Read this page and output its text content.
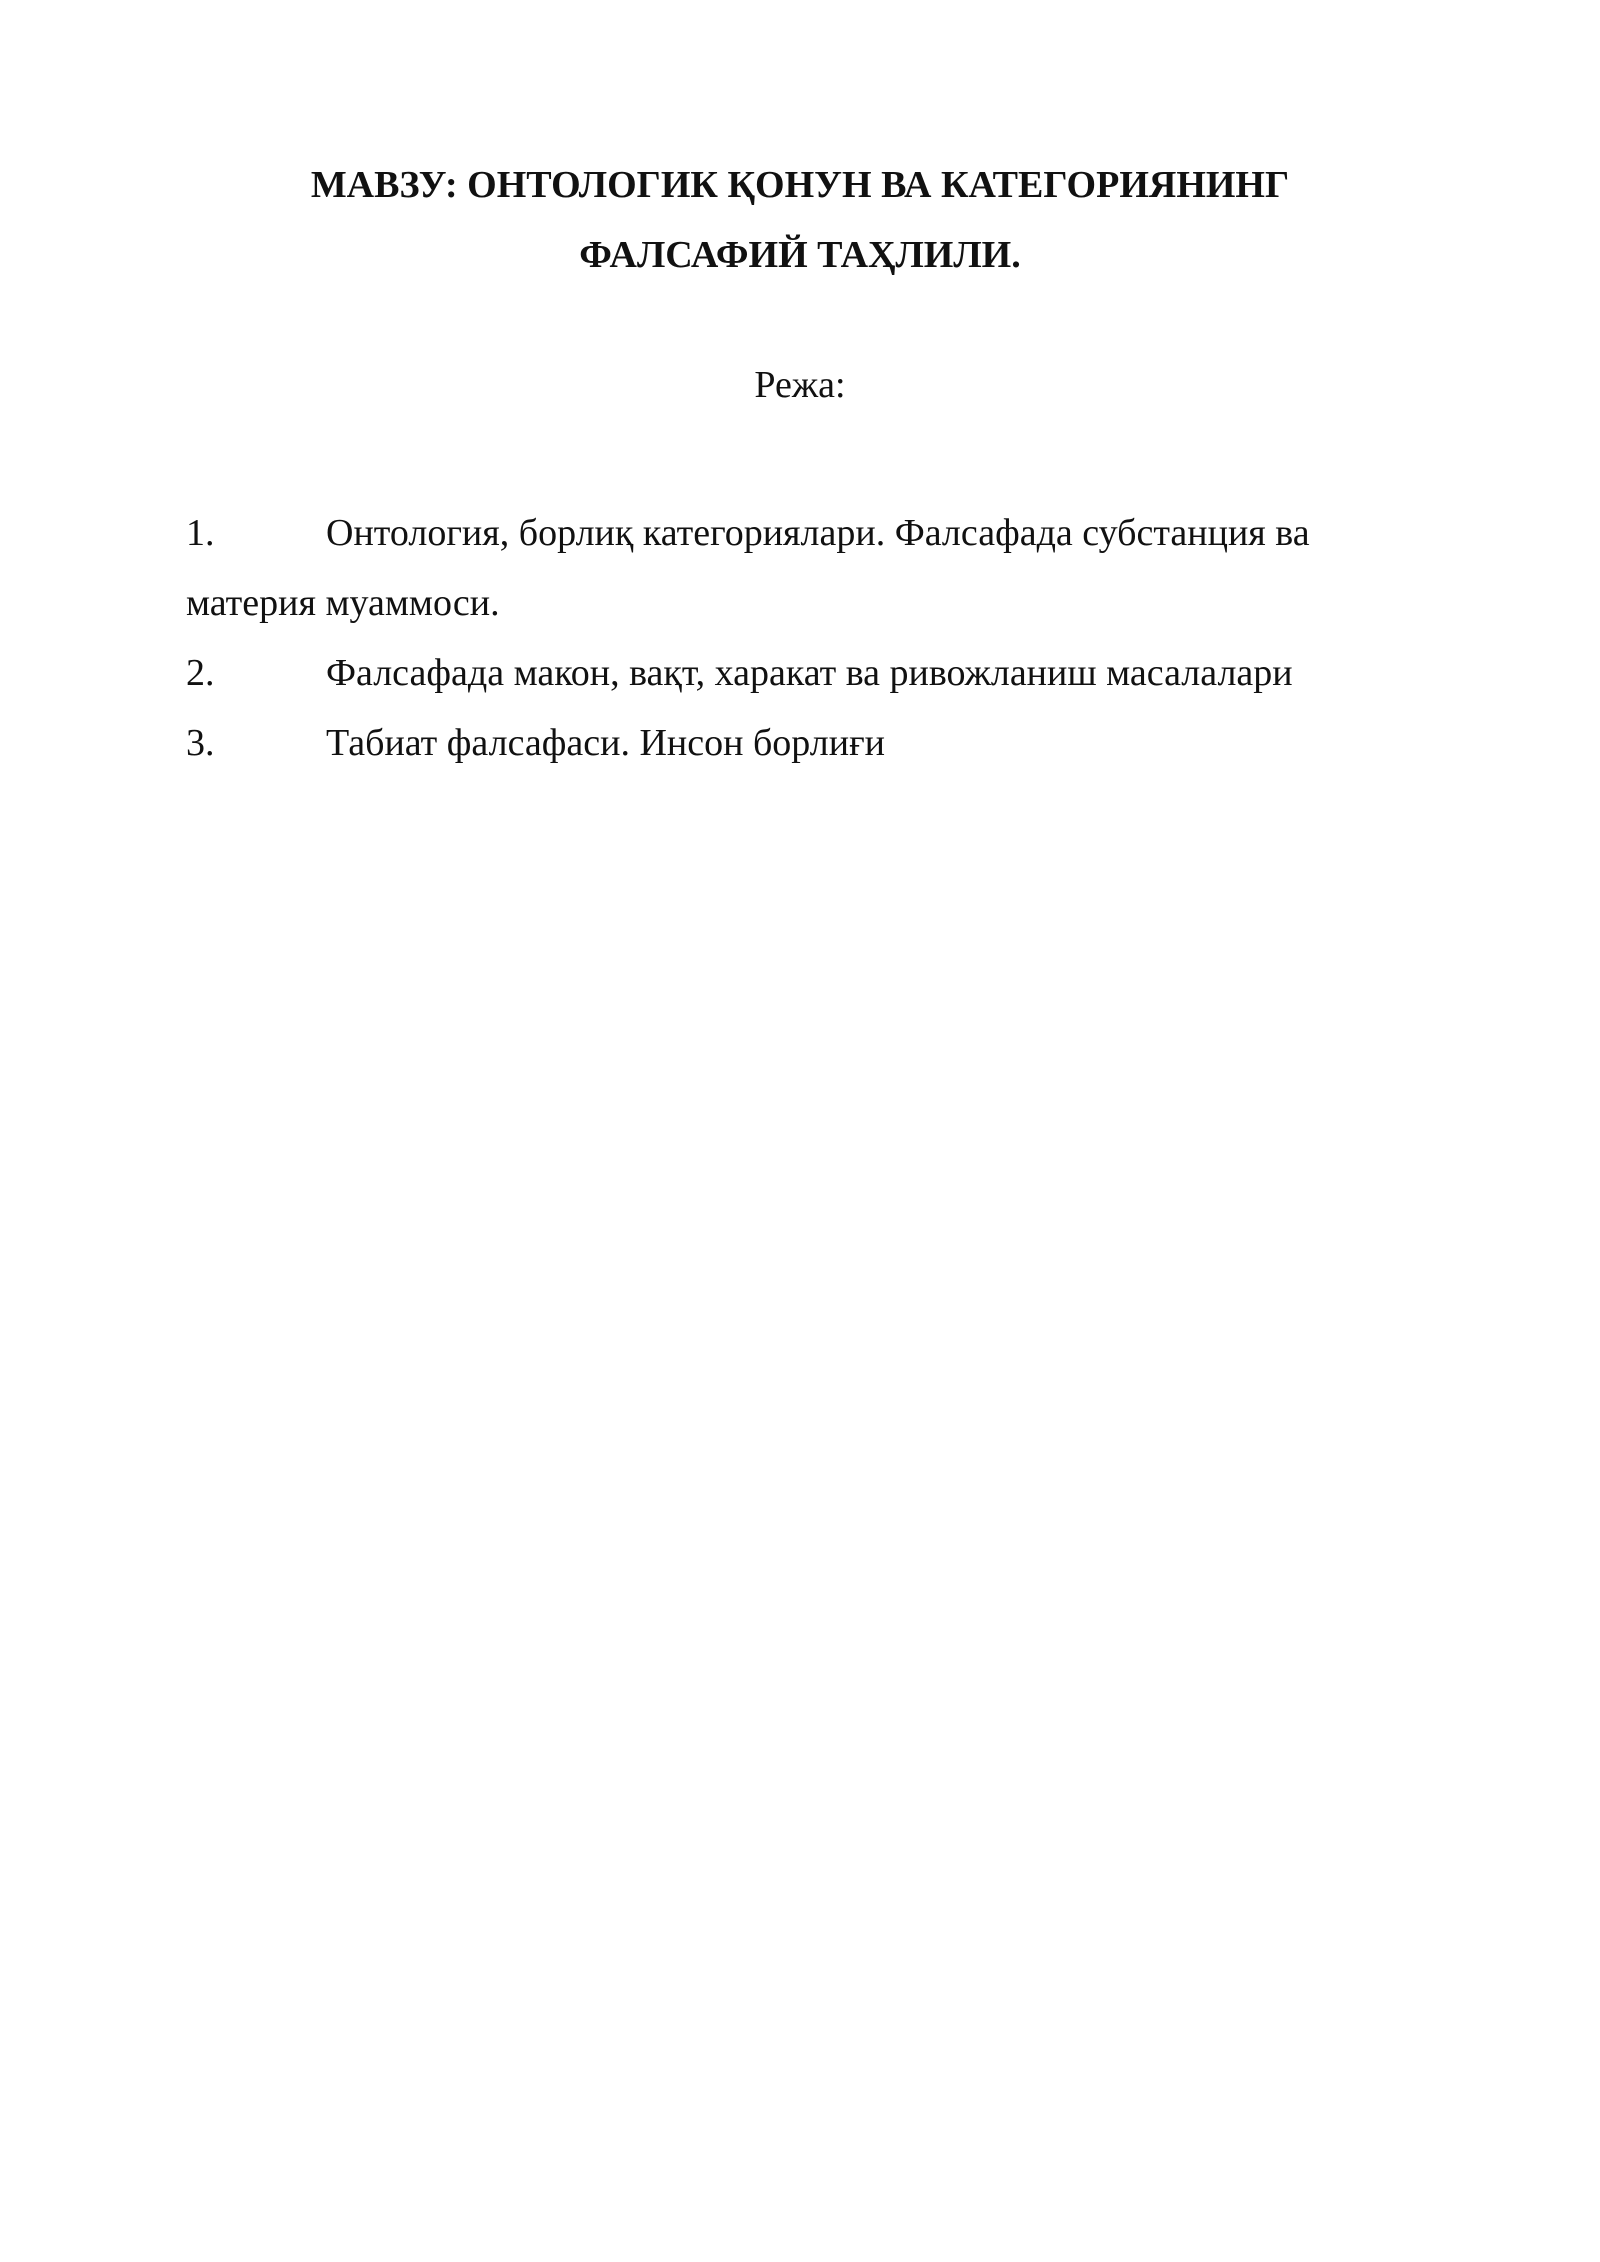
МАВЗУ: ОНТОЛОГИК ҚОНУН ВА КАТЕГОРИЯНИНГ

ФАЛСАФИЙ ТАҲЛИЛИ.

Режа:

1.	Онтология, борлиқ категориялари. Фалсафада субстанция ва материя муаммоси.
2.	Фалсафада макон, вақт, харакат ва ривожланиш масалалари
3.	Табиат фалсафаси. Инсон борлиғи
